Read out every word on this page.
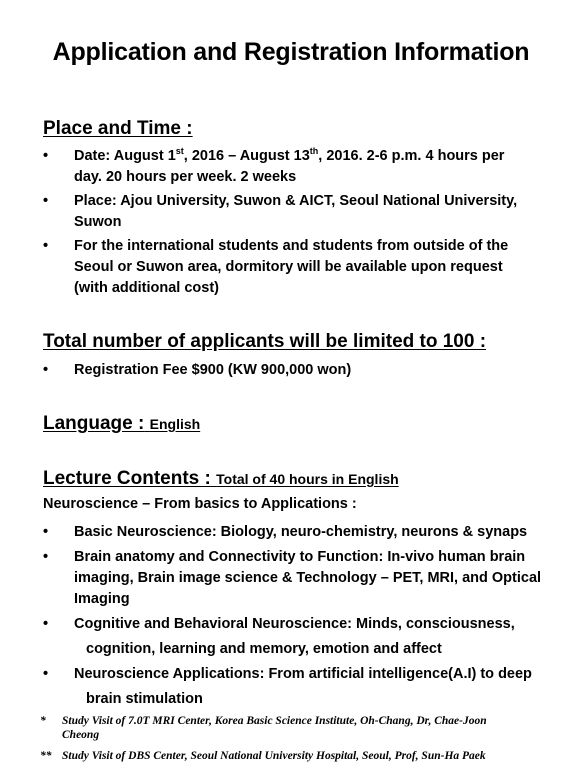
Application and Registration Information
Place and Time :
•	Date: August 1st, 2016 – August 13th, 2016. 2-6 p.m. 4 hours per
day. 20 hours per week. 2 weeks
•	Place: Ajou University, Suwon & AICT, Seoul National University,
Suwon
•	For the international students and students from outside of the
Seoul or Suwon area, dormitory will be available upon request
(with additional cost)
Total number of applicants will be limited to 100 :
•	Registration Fee $900 (KW 900,000 won)
Language : English
Lecture Contents : Total of 40 hours in English
Neuroscience – From basics to Applications :
•	Basic Neuroscience: Biology, neuro-chemistry, neurons & synaps
•	Brain anatomy and Connectivity to Function: In-vivo human brain
imaging, Brain image science & Technology – PET, MRI, and Optical
Imaging
•	Cognitive and Behavioral Neuroscience: Minds, consciousness,
cognition, learning and memory, emotion and affect
•	Neuroscience Applications: From artificial intelligence(A.I) to deep
brain stimulation
* Study Visit of 7.0T MRI Center, Korea Basic Science Institute, Oh-Chang, Dr, Chae-Joon
Cheong
** Study Visit of DBS Center, Seoul National University Hospital, Seoul, Prof, Sun-Ha Paek
